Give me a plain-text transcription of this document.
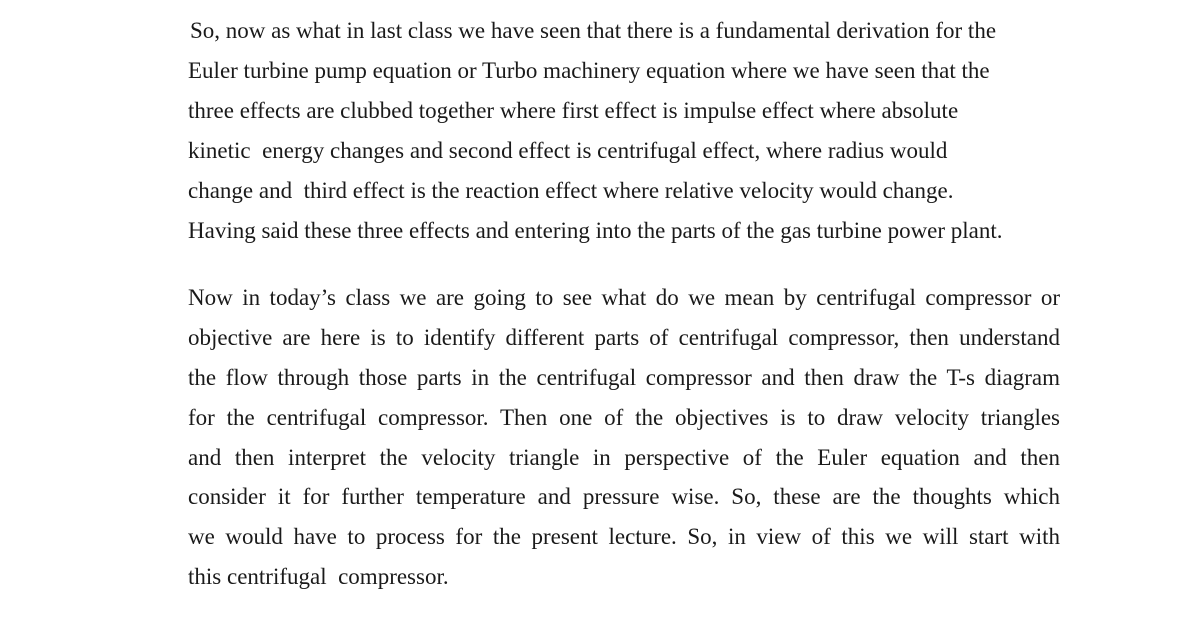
So, now as what in last class we have seen that there is a fundamental derivation for the
Euler turbine pump equation or Turbo machinery equation where we have seen that the
three effects are clubbed together where first effect is impulse effect where absolute
kinetic  energy changes and second effect is centrifugal effect, where radius would
change and  third effect is the reaction effect where relative velocity would change.
Having said these three effects and entering into the parts of the gas turbine power plant.
Now in today’s class we are going to see what do we mean by centrifugal compressor or
objective are here is to identify different parts of centrifugal compressor, then understand
the flow through those parts in the centrifugal compressor and then draw the T-s diagram
for the centrifugal compressor. Then one of the objectives is to draw velocity triangles
and then interpret the velocity triangle in perspective of the Euler equation and then
consider it for further temperature and pressure wise. So, these are the thoughts which
we would have to process for the present lecture. So, in view of this we will start with
this centrifugal  compressor.
